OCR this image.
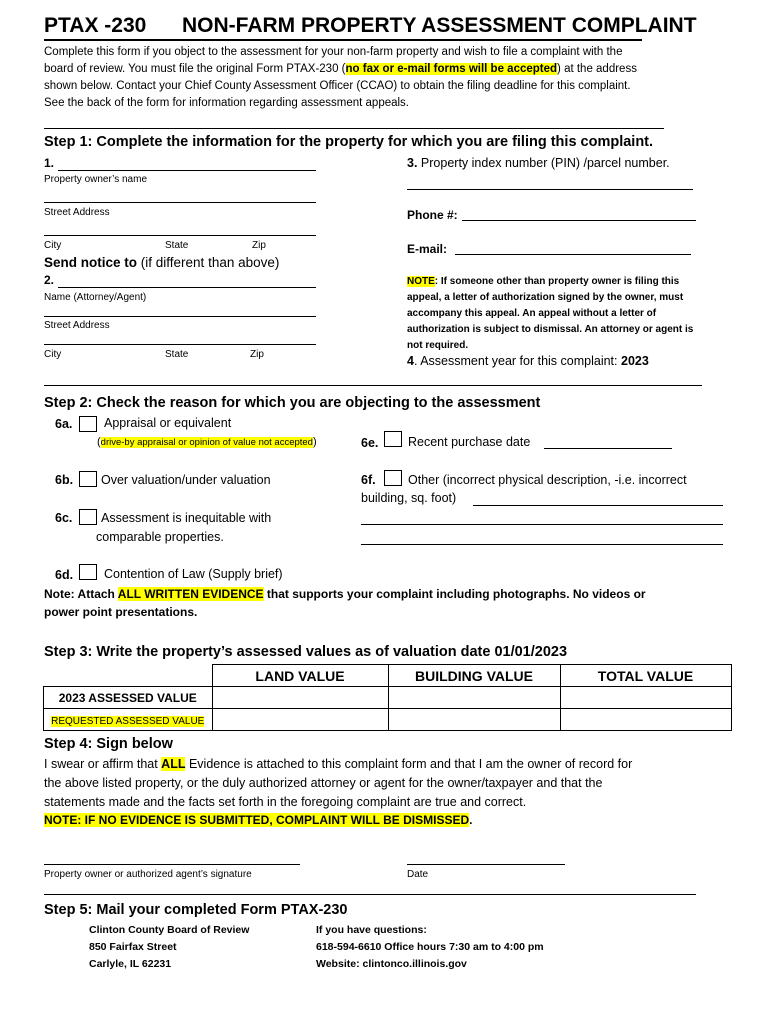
PTAX -230 NON-FARM PROPERTY ASSESSMENT COMPLAINT
Complete this form if you object to the assessment for your non-farm property and wish to file a complaint with the
board of review. You must file the original Form PTAX-230 (no fax or e-mail forms will be accepted) at the address
shown below. Contact your Chief County Assessment Officer (CCAO) to obtain the filing deadline for this complaint.
See the back of the form for information regarding assessment appeals.
Step 1: Complete the information for the property for which you are filing this complaint.
1.
Property owner’s name
Street Address
City	State	Zip
3. Property index number (PIN) /parcel number.
Phone #:
E-mail:
Send notice to (if different than above)
2.
Name (Attorney/Agent)
Street Address
City	State	Zip
NOTE: If someone other than property owner is filing this
appeal, a letter of authorization signed by the owner, must
accompany this appeal. An appeal without a letter of
authorization is subject to dismissal. An attorney or agent is
not required.
4. Assessment year for this complaint: 2023
Step 2: Check the reason for which you are objecting to the assessment
6a.	Appraisal or equivalent
(drive-by appraisal or opinion of value not accepted)	6e. Recent purchase date
6b. Over valuation/under valuation	6f.	Other (incorrect physical description, -i.e. incorrect
building, sq. foot)
6c. Assessment is inequitable with
comparable properties.
6d. Contention of Law (Supply brief)
Note: Attach ALL WRITTEN EVIDENCE that supports your complaint including photographs. No videos or
power point presentations.
Step 3: Write the property’s assessed values as of valuation date 01/01/2023
	LAND VALUE	BUILDING VALUE	TOTAL VALUE
2023 ASSESSED VALUE			
REQUESTED ASSESSED VALUE			
Step 4: Sign below
I swear or affirm that ALL Evidence is attached to this complaint form and that I am the owner of record for
the above listed property, or the duly authorized attorney or agent for the owner/taxpayer and that the
statements made and the facts set forth in the foregoing complaint are true and correct.
NOTE: IF NO EVIDENCE IS SUBMITTED, COMPLAINT WILL BE DISMISSED.
Property owner or authorized agent’s signature	Date
Step 5: Mail your completed Form PTAX-230
Clinton County Board of Review
850 Fairfax Street
Carlyle, IL 62231
If you have questions:
618-594-6610 Office hours 7:30 am to 4:00 pm
Website: clintonco.illinois.gov
